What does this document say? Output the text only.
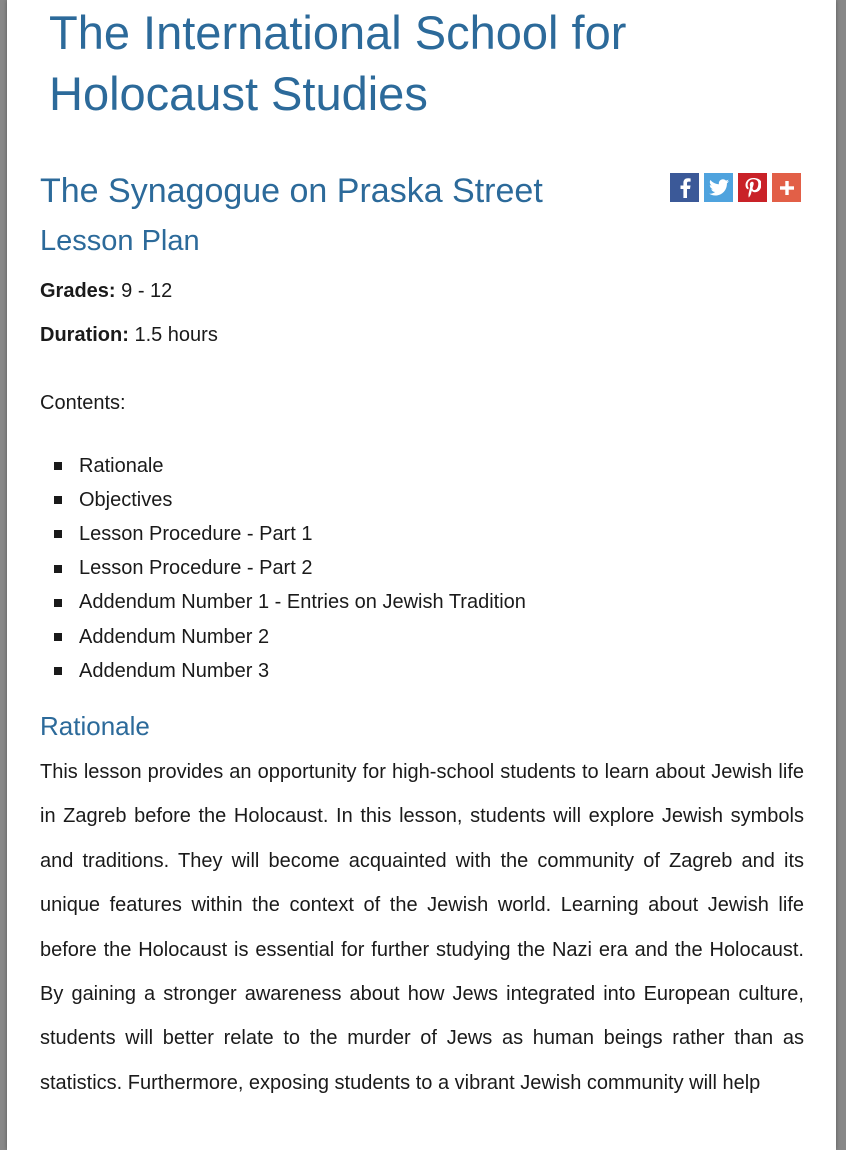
The International School for Holocaust Studies
The Synagogue on Praska Street
Lesson Plan

Grades: 9 - 12

Duration: 1.5 hours

Contents:

Rationale
Objectives
Lesson Procedure - Part 1
Lesson Procedure - Part 2
Addendum Number 1 - Entries on Jewish Tradition
Addendum Number 2
Addendum Number 3
Rationale

This lesson provides an opportunity for high-school students to learn about Jewish life in Zagreb before the Holocaust. In this lesson, students will explore Jewish symbols and traditions. They will become acquainted with the community of Zagreb and its unique features within the context of the Jewish world. Learning about Jewish life before the Holocaust is essential for further studying the Nazi era and the Holocaust. By gaining a stronger awareness about how Jews integrated into European culture, students will better relate to the murder of Jews as human beings rather than as statistics. Furthermore, exposing students to a vibrant Jewish community will help
